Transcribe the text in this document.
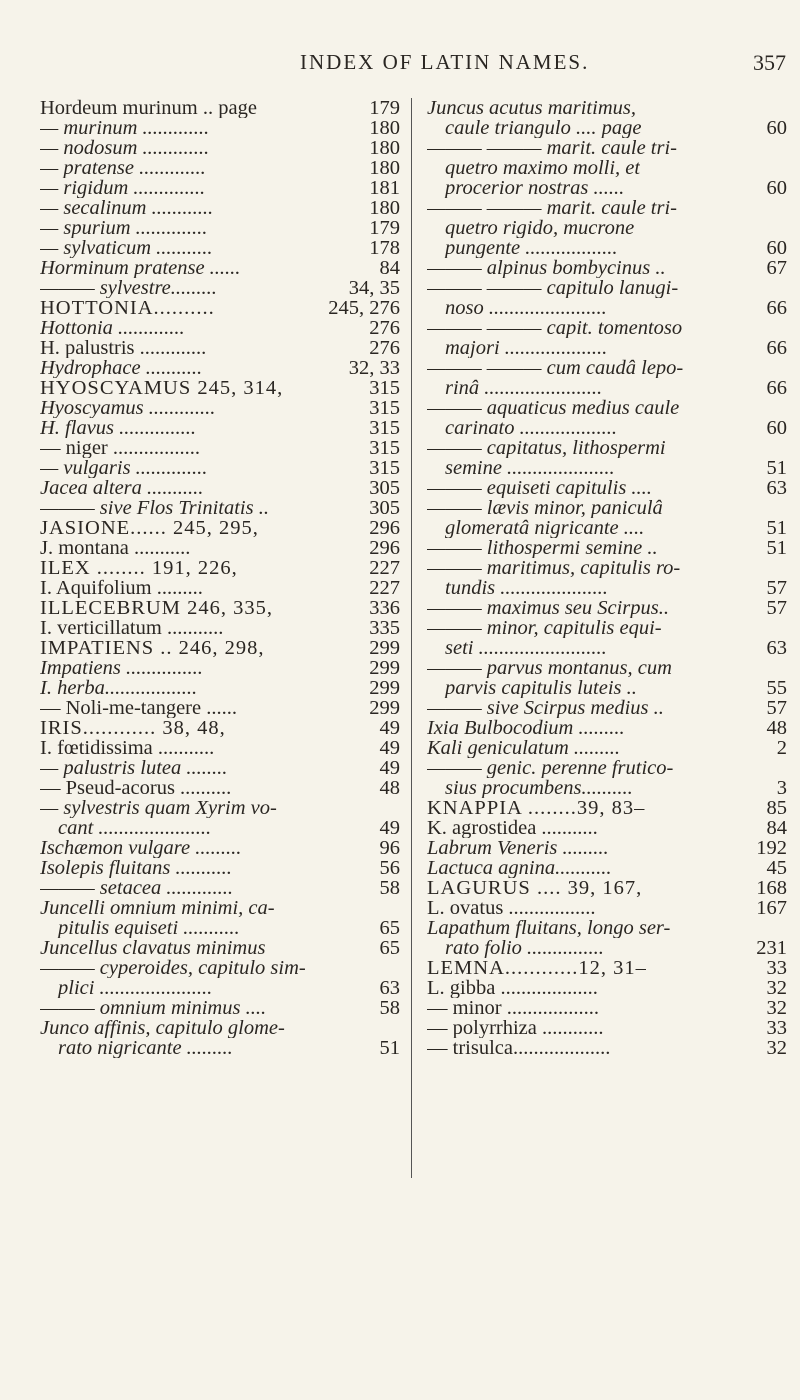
INDEX OF LATIN NAMES.	357
Hordeum murinum .. page	179
— murinum .............	180
— nodosum .............	180
— pratense .............	180
— rigidum ..............	181
— secalinum ............	180
— spurium ..............	179
— sylvaticum ...........	178
Horminum pratense ......	84
——— sylvestre.........	34, 35
HOTTONIA..........	245, 276
Hottonia .............	276
H. palustris .............	276
Hydrophace ...........	32, 33
HYOSCYAMUS 245, 314,	315
Hyoscyamus .............	315
H. flavus ...............	315
— niger .................	315
— vulgaris ..............	315
Jacea altera ...........	305
——— sive Flos Trinitatis ..	305
JASIONE...... 245, 295,	296
J. montana ...........	296
ILEX ........ 191, 226,	227
I. Aquifolium .........	227
ILLECEBRUM 246, 335,	336
I. verticillatum ...........	335
IMPATIENS .. 246, 298,	299
Impatiens ...............	299
I. herba..................	299
— Noli-me-tangere ......	299
IRIS............ 38, 48,	49
I. fœtidissima ...........	49
— palustris lutea ........	49
— Pseud-acorus ..........	48
— sylvestris quam Xyrim vo-
cant ......................	49
Ischæmon vulgare .........	96
Isolepis fluitans ...........	56
——— setacea .............	58
Juncelli omnium minimi, ca-
pitulis equiseti ...........	65
Juncellus clavatus minimus	65
——— cyperoides, capitulo sim-
plici ......................	63
——— omnium minimus ....	58
Junco affinis, capitulo glome-
rato nigricante .........	51
Juncus acutus maritimus,
caule triangulo .... page	60
——— ——— marit. caule tri-
quetro maximo molli, et
procerior nostras ......	60
——— ——— marit. caule tri-
quetro rigido, mucrone
pungente ..................	60
——— alpinus bombycinus ..	67
——— ——— capitulo lanugi-
noso .......................	66
——— ——— capit. tomentoso
majori ....................	66
——— ——— cum caudâ lepo-
rinâ .......................	66
——— aquaticus medius caule
carinato ...................	60
——— capitatus, lithospermi
semine .....................	51
——— equiseti capitulis ....	63
——— lævis minor, paniculâ
glomeratâ nigricante ....	51
——— lithospermi semine ..	51
——— maritimus, capitulis ro-
tundis .....................	57
——— maximus seu Scirpus..	57
——— minor, capitulis equi-
seti .........................	63
——— parvus montanus, cum
parvis capitulis luteis ..	55
——— sive Scirpus medius ..	57
Ixia Bulbocodium .........	48
Kali geniculatum .........	2
——— genic. perenne frutico-
sius procumbens..........	3
KNAPPIA ........39, 83–	85
K. agrostidea ...........	84
Labrum Veneris .........	192
Lactuca agnina...........	45
LAGURUS .... 39, 167,	168
L. ovatus .................	167
Lapathum fluitans, longo ser-
rato folio ...............	231
LEMNA............12, 31–	33
L. gibba ...................	32
— minor ..................	32
— polyrrhiza ............	33
— trisulca...................	32
